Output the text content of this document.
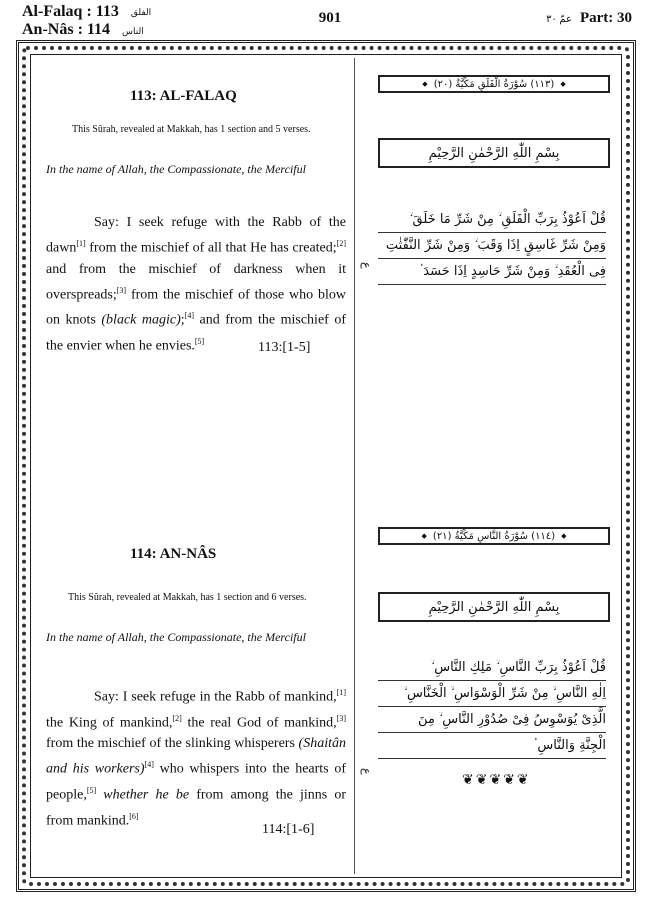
Al-Falaq : 113 الفلق
An-Nâs : 114 الناس
901	عمّ ٣٠ Part: 30
◆ (١١٣) سُوْرَةُ الْفَلَقِ مَكِّيَّةٌ (٢٠) ◆
113: AL-FALAQ
This Sûrah, revealed at Makkah, has 1 section and 5 verses.
بِسْمِ اللّٰهِ الرَّحْمٰنِ الرَّحِيْمِ
In the name of Allah, the Compassionate, the Merciful
قُلْ اَعُوْذُ بِرَبِّ الْفَلَقِ ۙ مِنْ شَرِّ مَا خَلَقَ ۙ
وَمِنْ شَرِّ غَاسِقٍ اِذَا وَقَبَ ۙ وَمِنْ شَرِّ النَّفّٰثٰتِ
فِی الْعُقَدِ ۙ وَمِنْ شَرِّ حَاسِدٍ اِذَا حَسَدَ ۟
ع
Say: I seek refuge with the Rabb of the dawn[1] from the mischief of all that He has created;[2] and from the mischief of darkness when it overspreads;[3] from the mischief of those who blow on knots (black magic);[4] and from the mischief of the envier when he envies.[5]	113:[1-5]
◆ (١١٤) سُوْرَةُ النَّاسِ مَكِّيَّةٌ (٢١) ◆
114: AN-NÂS
This Sûrah, revealed at Makkah, has 1 section and 6 verses.
بِسْمِ اللّٰهِ الرَّحْمٰنِ الرَّحِيْمِ
In the name of Allah, the Compassionate, the Merciful
قُلْ اَعُوْذُ بِرَبِّ النَّاسِ ۙ مَلِكِ النَّاسِ ۙ
اِلٰهِ النَّاسِ ۙ مِنْ شَرِّ الْوَسْوَاسِ ۙ الْخَنَّاسِ ۙ
الَّذِیْ یُوَسْوِسُ فِیْ صُدُوْرِ النَّاسِ ۙ مِنَ
الْجِنَّةِ وَالنَّاسِ ۟
ع
❦❦❦❦❦
Say: I seek refuge in the Rabb of mankind,[1] the King of mankind,[2] the real God of mankind,[3] from the mischief of the slinking whisperers (Shaitân and his workers)[4] who whispers into the hearts of people,[5] whether he be from among the jinns or from mankind.[6]
114:[1-6]
